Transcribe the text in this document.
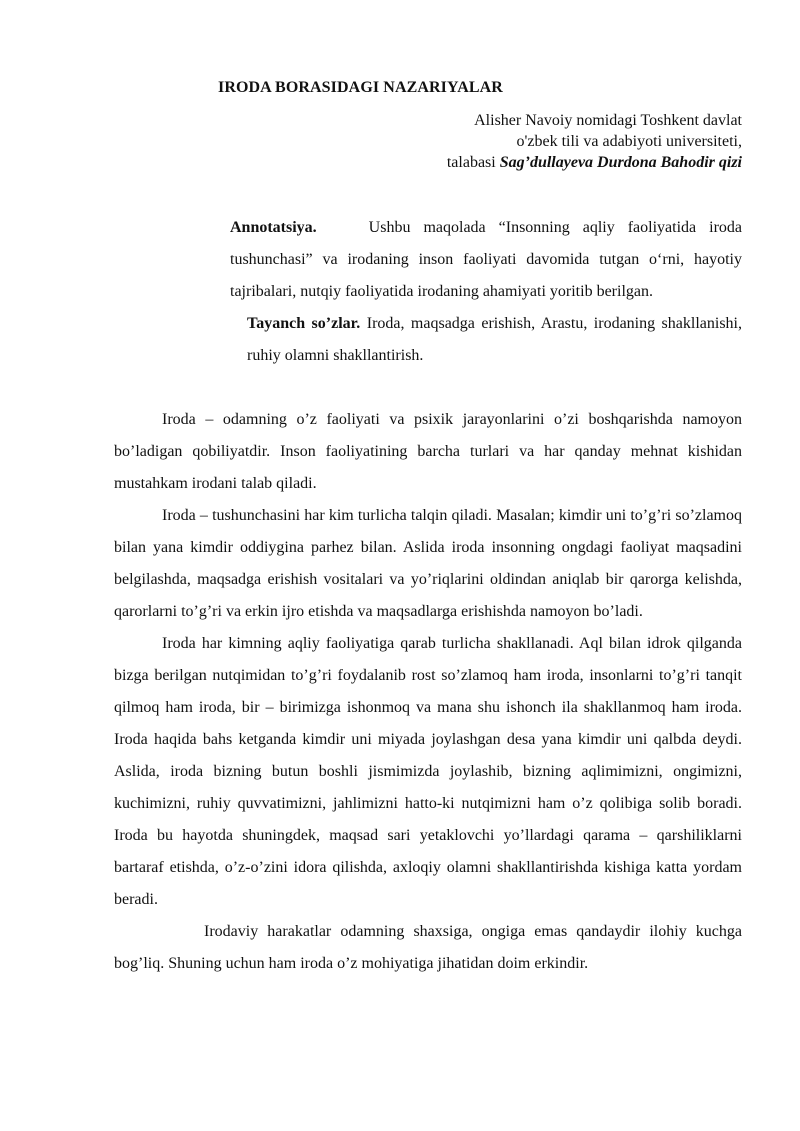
IRODA BORASIDAGI NAZARIYALAR
Alisher Navoiy nomidagi Toshkent davlat
o'zbek tili va adabiyoti universiteti,
talabasi Sag’dullayeva Durdona Bahodir qizi

Annotatsiya.	Ushbu maqolada “Insonning aqliy faoliyatida iroda tushunchasi” va irodaning inson faoliyati davomida tutgan o‘rni, hayotiy tajribalari, nutqiy faoliyatida irodaning ahamiyati yoritib berilgan.

Tayanch so’zlar. Iroda, maqsadga erishish, Arastu, irodaning shakllanishi, ruhiy olamni shakllantirish.

Iroda – odamning o’z faoliyati va psixik jarayonlarini o’zi boshqarishda namoyon bo’ladigan qobiliyatdir. Inson faoliyatining barcha turlari va har qanday mehnat kishidan mustahkam irodani talab qiladi.

Iroda – tushunchasini har kim turlicha talqin qiladi. Masalan; kimdir uni to’g’ri so’zlamoq bilan yana kimdir oddiygina parhez bilan. Aslida iroda insonning ongdagi faoliyat maqsadini belgilashda, maqsadga erishish vositalari va yo’riqlarini oldindan aniqlab bir qarorga kelishda, qarorlarni to’g’ri va erkin ijro etishda va maqsadlarga erishishda namoyon bo’ladi.

Iroda har kimning aqliy faoliyatiga qarab turlicha shakllanadi. Aql bilan idrok qilganda bizga berilgan nutqimidan to’g’ri foydalanib rost so’zlamoq ham iroda, insonlarni to’g’ri tanqit qilmoq ham iroda, bir – birimizga ishonmoq va mana shu ishonch ila shakllanmoq ham iroda. Iroda haqida bahs ketganda kimdir uni miyada joylashgan desa yana kimdir uni qalbda deydi. Aslida, iroda bizning butun boshli jismimizda joylashib, bizning aqlimimizni, ongimizni, kuchimizni, ruhiy quvvatimizni, jahlimizni hatto-ki nutqimizni ham o’z qolibiga solib boradi. Iroda bu hayotda shuningdek, maqsad sari yetaklovchi yo’llardagi qarama – qarshiliklarni bartaraf etishda, o’z-o’zini idora qilishda, axloqiy olamni shakllantirishda kishiga katta yordam beradi.

Irodaviy harakatlar odamning shaxsiga, ongiga emas qandaydir ilohiy kuchga bog’liq. Shuning uchun ham iroda o’z mohiyatiga jihatidan doim erkindir.
